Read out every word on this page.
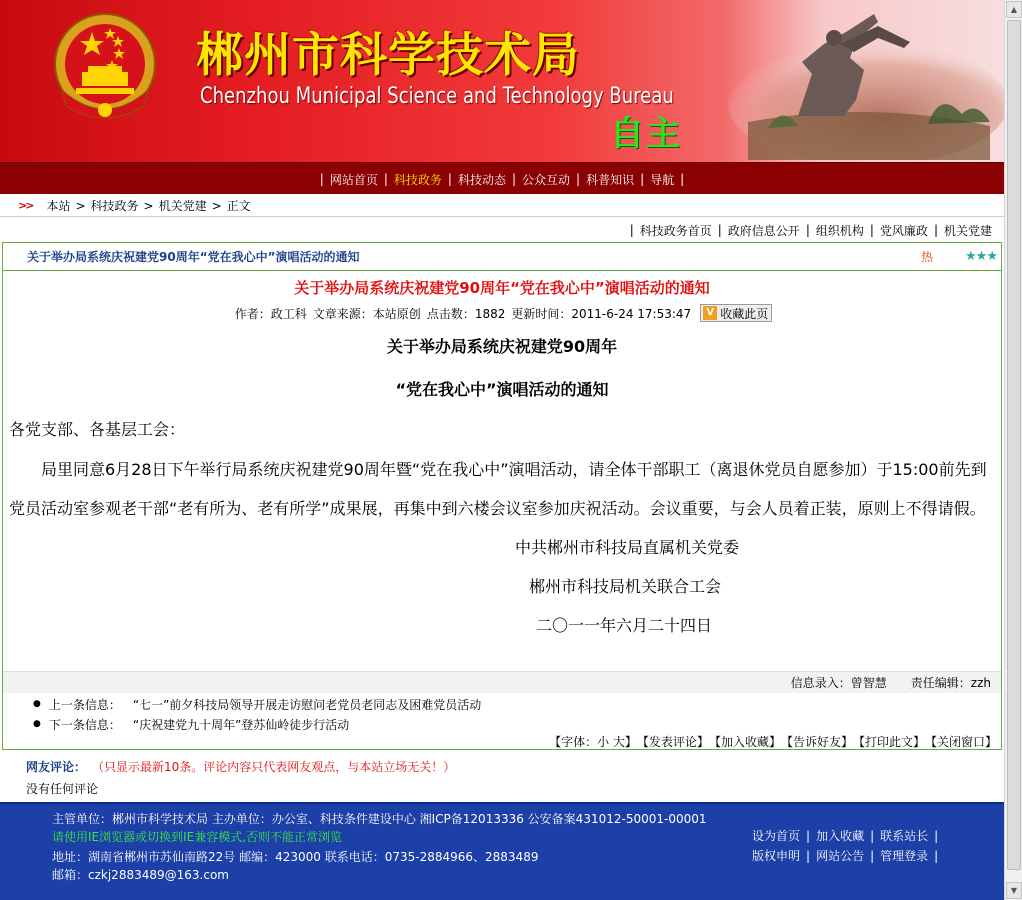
郴州市科学技术局
Chenzhou Municipal Science and Technology Bureau
自主
| 网站首页 | 科技政务 | 科技动态 | 公众互动 | 科普知识 | 导航 |
>> 本站 > 科技政务 > 机关党建 > 正文
| 科技政务首页 | 政府信息公开 | 组织机构 | 党风廉政 | 机关党建
关于举办局系统庆祝建党90周年“党在我心中”演唱活动的通知	热 ★★★
关于举办局系统庆祝建党90周年“党在我心中”演唱活动的通知
作者：政工科 文章来源：本站原创 点击数：1882 更新时间：2011-6-24 17:53:47	V 收藏此页
关于举办局系统庆祝建党90周年
“党在我心中”演唱活动的通知
各党支部、各基层工会：
局里同意6月28日下午举行局系统庆祝建党90周年暨“党在我心中”演唱活动，请全体干部职工（离退休党员自愿参加）于15:00前先到党员活动室参观老干部“老有所为、老有所学”成果展，再集中到六楼会议室参加庆祝活动。会议重要，与会人员着正装，原则上不得请假。
中共郴州市科技局直属机关党委
郴州市科技局机关联合工会
二〇一一年六月二十四日
信息录入：曾智慧 责任编辑：zzh
● 上一条信息： “七一”前夕科技局领导开展走访慰问老党员老同志及困难党员活动
● 下一条信息： “庆祝建党九十周年”登苏仙岭徒步行活动
【字体：小 大】 【发表评论】 【加入收藏】 【告诉好友】 【打印此文】 【关闭窗口】
网友评论： （只显示最新10条。评论内容只代表网友观点，与本站立场无关！）
没有任何评论
主管单位：郴州市科学技术局 主办单位：办公室、科技条件建设中心 湘ICP备12013336 公安备案431012-50001-00001
请使用IE浏览器或切换到IE兼容模式,否则不能正常浏览
地址：湖南省郴州市苏仙南路22号 邮编：423000 联系电话：0735-2884966、2883489
邮箱：czkj2883489@163.com
设为首页 | 加入收藏 | 联系站长 |
版权申明 | 网站公告 | 管理登录 |
▲
▼
